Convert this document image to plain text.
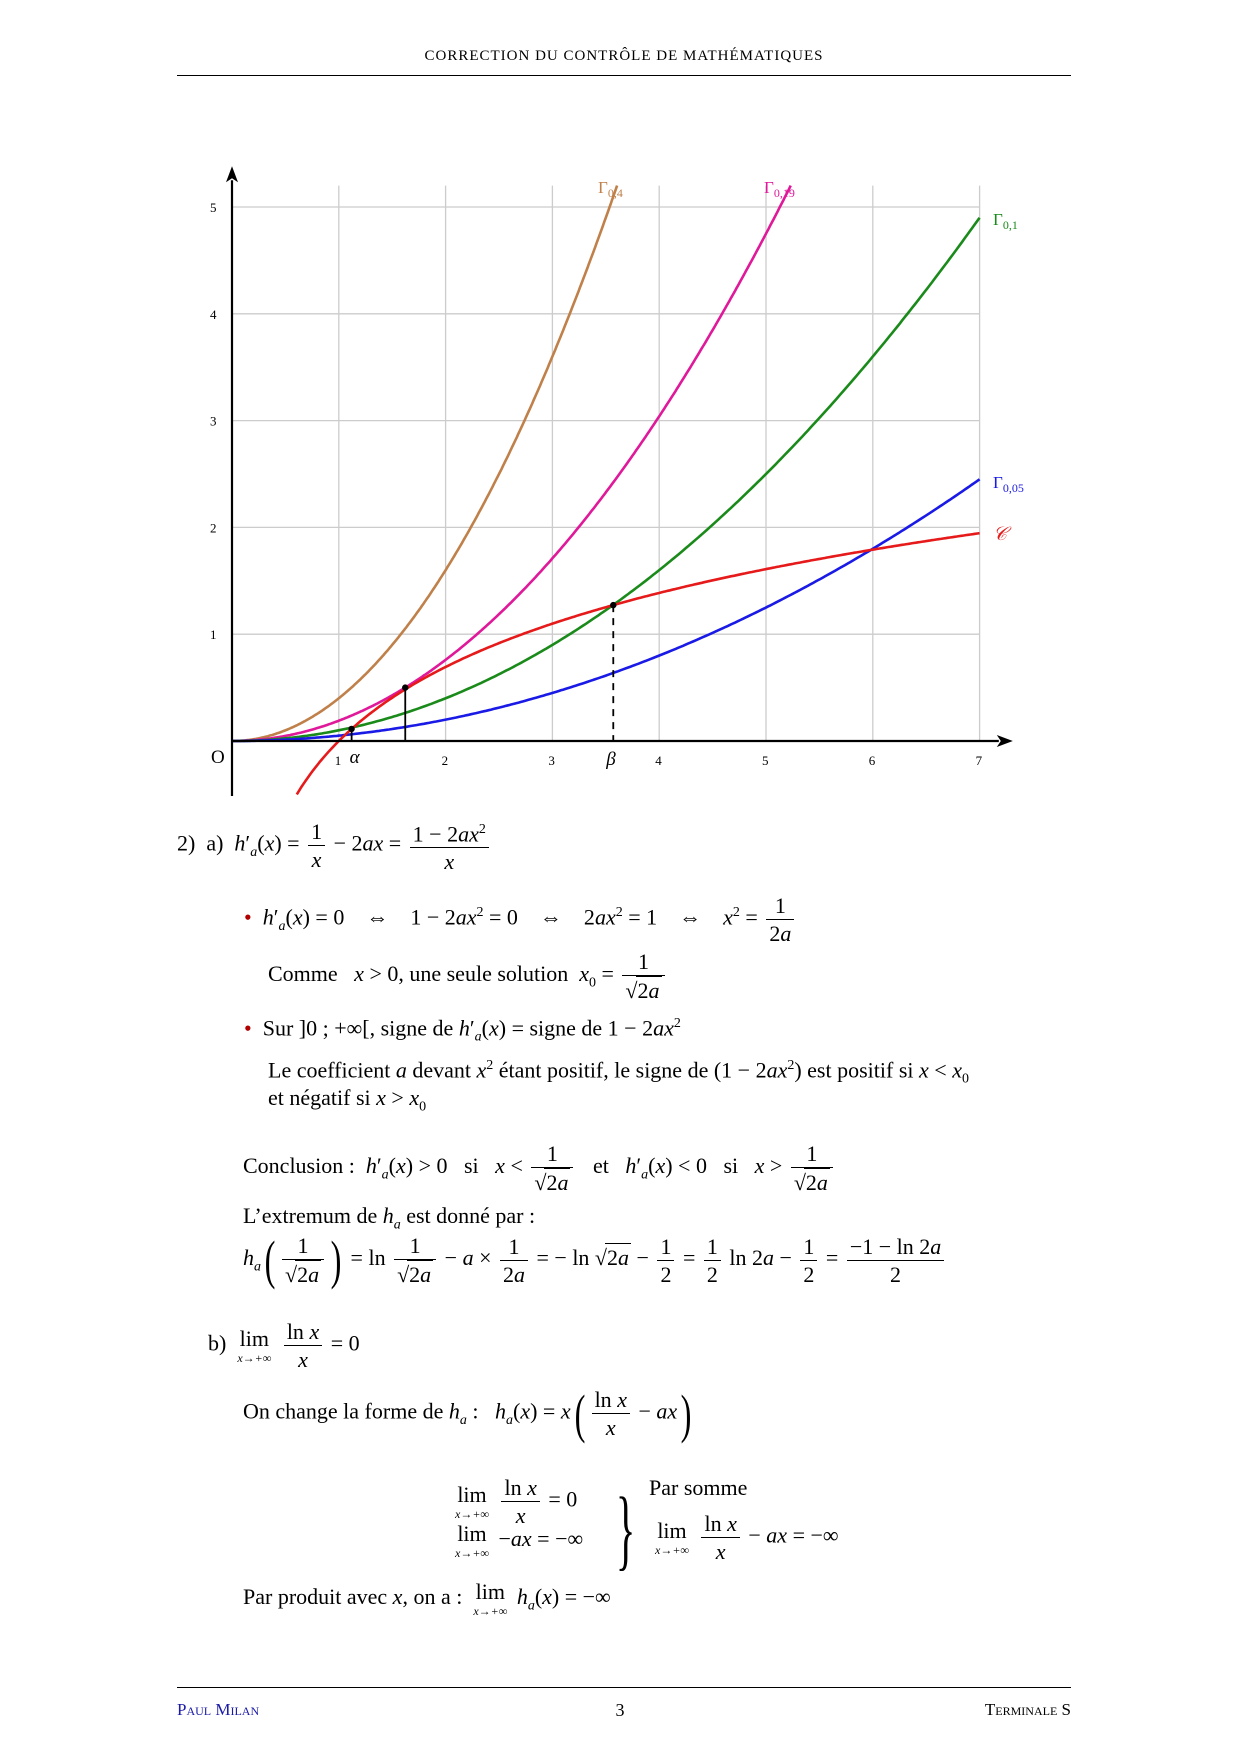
CORRECTION DU CONTRÔLE DE MATHÉMATIQUES
Paul Milan	3	Terminale S
1	2	3	4	5	6	7
1
2
3
4
5
O	α	β
$\Gamma_{0,4}$	$\Gamma_{0,19}$
$\Gamma_{0,1}$
$\Gamma_{0,05}$
𝒞
2) a) $h'_a(x) = \frac{1}{x} - 2ax = \frac{1 - 2ax^2}{x}$
• $h'_a(x) = 0$    ⇔    $1 - 2ax^2 = 0$    ⇔    $2ax^2 = 1$    ⇔    $x^2 = \frac{1}{2a}$
Comme x > 0, une seule solution $x_0 = \frac{1}{√2a}$
• Sur ]0 ; +∞[, signe de $h'_a(x)$ = signe de $1 - 2ax^2$
Le coefficient a devant $x^2$ étant positif, le signe de $(1 - 2ax^2)$ est positif si $x < x_0$
et négatif si $x > x_0$
Conclusion : $h'_a(x) > 0$   si $x < \frac{1}{√2a}$ et $h'_a(x) < 0$   si $x > \frac{1}{√2a}$
L’extremum de $h_a$ est donné par :
$h_a( \frac{1}{√2a}$ ) = $\ln \frac{1}{√2a} - a \times \frac{1}{2a}$ = − $\ln √2a - \frac{1}{2} = \frac{1}{2}$ $\ln 2a - \frac{1}{2} = \frac{-1 - \ln 2a}{2}$
b) lim
x→+∞
$\frac{\text{ln x}}{x} = 0$
On change la forme de $h_a$ :   $h_a(x) = x( \frac{\text{ln x}}{x} - ax)$
lim
x→+∞
$\frac{\text{ln x}}{x} = 0$
lim
x→+∞
−ax = −∞ } Par somme
lim
x→+∞
$\frac{\text{ln x}}{x}$ − ax = −∞
Par produit avec x, on a : lim
x→+∞
$h_a(x)$ = −∞
